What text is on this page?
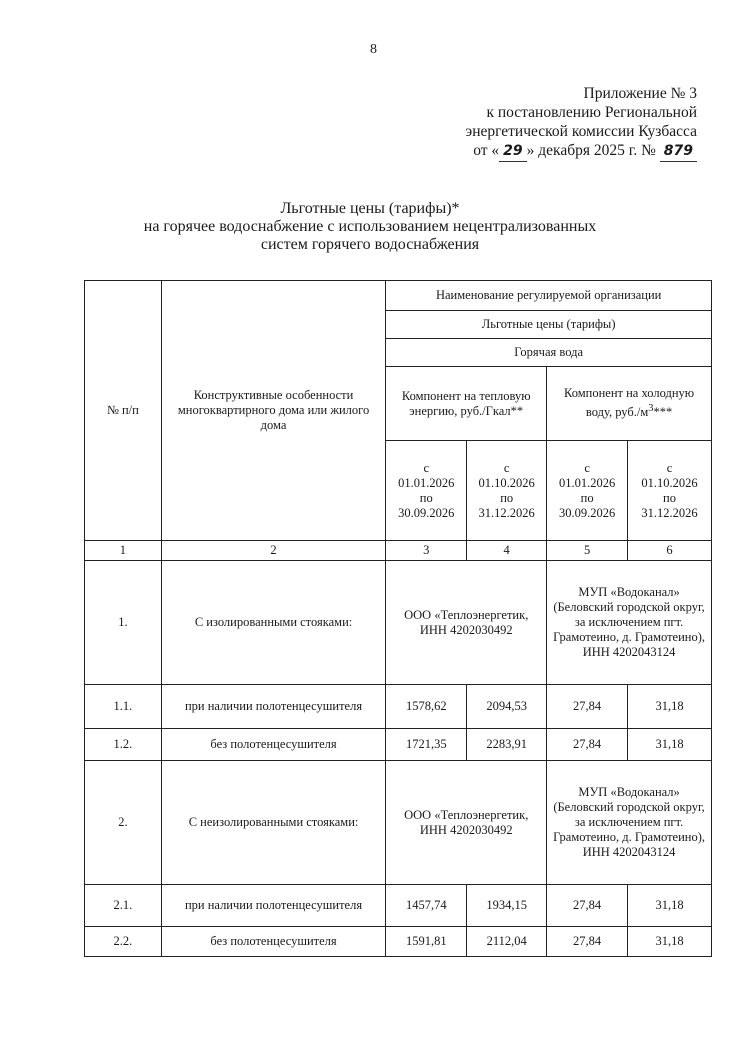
8
Приложение № 3
к постановлению Региональной
энергетической комиссии Кузбасса
от « 29 » декабря 2025 г. № 879
Льготные цены (тарифы)*
на горячее водоснабжение с использованием нецентрализованных
систем горячего водоснабжения
№ п/п	Конструктивные особенности многоквартирного дома или жилого дома	Наименование регулируемой организации			
		Льготные цены (тарифы)			
		Горячая вода			
		Компонент на тепловую энергию, руб./Гкал**		Компонент на холодную воду, $руб./м^3***$	
		с
01.01.2026
по
30.09.2026	с
01.10.2026
по
31.12.2026	с
01.01.2026
по
30.09.2026	с
01.10.2026
по
31.12.2026
1	2	3	4	5	6
1.	С изолированными стояками:	ООО «Теплоэнергетик, ИНН 4202030492		МУП «Водоканал» (Беловский городской округ, за исключением пгт. Грамотеино, д. Грамотеино), ИНН 4202043124	
1.1.	при наличии полотенцесушителя	1578,62	2094,53	27,84	31,18
1.2.	без полотенцесушителя	1721,35	2283,91	27,84	31,18
2.	С неизолированными стояками:	ООО «Теплоэнергетик, ИНН 4202030492		МУП «Водоканал» (Беловский городской округ, за исключением пгт. Грамотеино, д. Грамотеино), ИНН 4202043124	
2.1.	при наличии полотенцесушителя	1457,74	1934,15	27,84	31,18
2.2.	без полотенцесушителя	1591,81	2112,04	27,84	31,18
